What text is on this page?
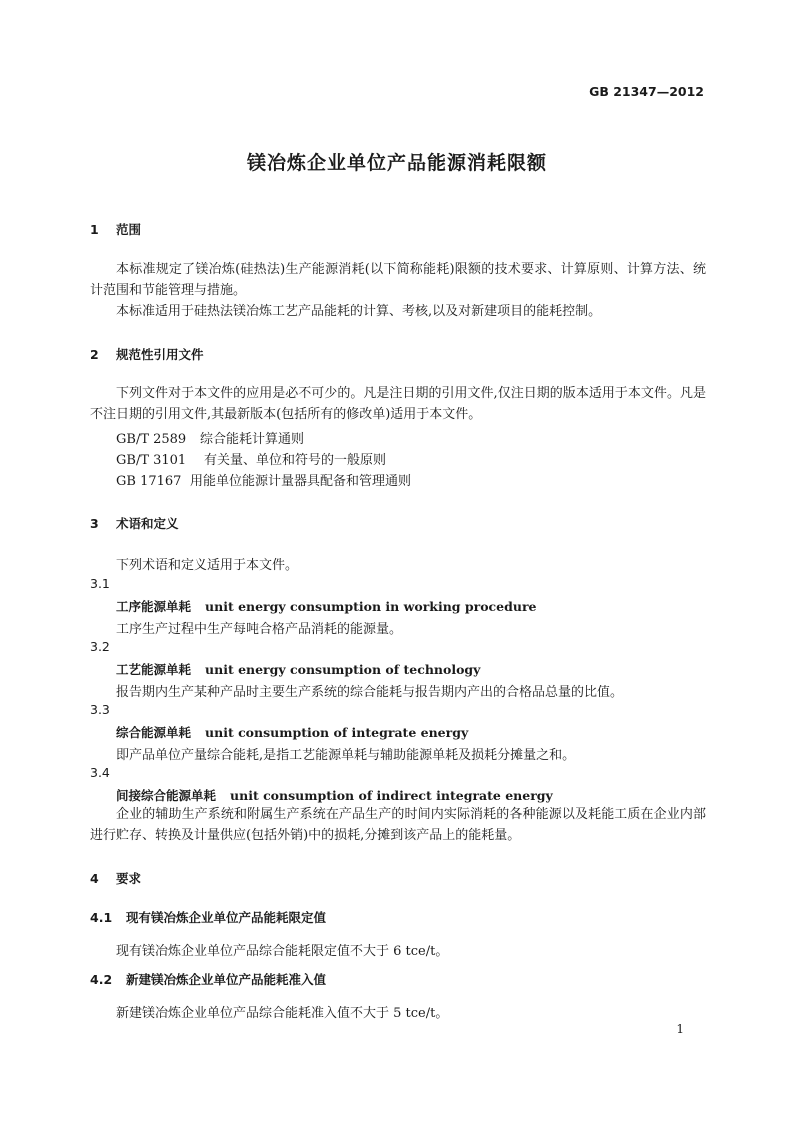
GB 21347—2012
镁冶炼企业单位产品能源消耗限额
1 范围
本标准规定了镁冶炼(硅热法)生产能源消耗(以下简称能耗)限额的技术要求、计算原则、计算方法、统计范围和节能管理与措施。
本标准适用于硅热法镁冶炼工艺产品能耗的计算、考核,以及对新建项目的能耗控制。
2 规范性引用文件
下列文件对于本文件的应用是必不可少的。凡是注日期的引用文件,仅注日期的版本适用于本文件。凡是不注日期的引用文件,其最新版本(包括所有的修改单)适用于本文件。
GB/T 2589 综合能耗计算通则
GB/T 3101 有关量、单位和符号的一般原则
GB 17167 用能单位能源计量器具配备和管理通则
3 术语和定义
下列术语和定义适用于本文件。
3.1
工序能源单耗 unit energy consumption in working procedure
工序生产过程中生产每吨合格产品消耗的能源量。
3.2
工艺能源单耗 unit energy consumption of technology
报告期内生产某种产品时主要生产系统的综合能耗与报告期内产出的合格品总量的比值。
3.3
综合能源单耗 unit consumption of integrate energy
即产品单位产量综合能耗,是指工艺能源单耗与辅助能源单耗及损耗分摊量之和。
3.4
间接综合能源单耗 unit consumption of indirect integrate energy
企业的辅助生产系统和附属生产系统在产品生产的时间内实际消耗的各种能源以及耗能工质在企业内部进行贮存、转换及计量供应(包括外销)中的损耗,分摊到该产品上的能耗量。
4 要求
4.1 现有镁冶炼企业单位产品能耗限定值
现有镁冶炼企业单位产品综合能耗限定值不大于 6 tce/t。
4.2 新建镁冶炼企业单位产品能耗准入值
新建镁冶炼企业单位产品综合能耗准入值不大于 5 tce/t。
1
